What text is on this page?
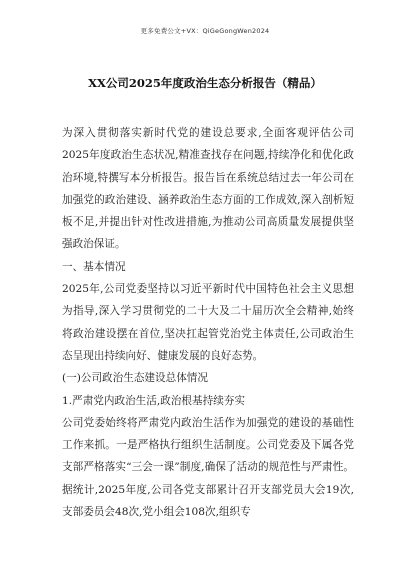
更多免费公文+VX：QiGeGongWen2024
XX公司2025年度政治生态分析报告（精品）

为深入贯彻落实新时代党的建设总要求,全面客观评估公司2025年度政治生态状况,精准查找存在问题,持续净化和优化政治环境,特撰写本分析报告。报告旨在系统总结过去一年公司在加强党的政治建设、涵养政治生态方面的工作成效,深入剖析短板不足,并提出针对性改进措施,为推动公司高质量发展提供坚强政治保证。

一、基本情况

2025年,公司党委坚持以习近平新时代中国特色社会主义思想为指导,深入学习贯彻党的二十大及二十届历次全会精神,始终将政治建设摆在首位,坚决扛起管党治党主体责任,公司政治生态呈现出持续向好、健康发展的良好态势。

(一)公司政治生态建设总体情况

1.严肃党内政治生活,政治根基持续夯实

公司党委始终将严肃党内政治生活作为加强党的建设的基础性工作来抓。一是严格执行组织生活制度。公司党委及下属各党支部严格落实“三会一课”制度,确保了活动的规范性与严肃性。据统计,2025年度,公司各党支部累计召开支部党员大会19次,支部委员会48次,党小组会108次,组织专
